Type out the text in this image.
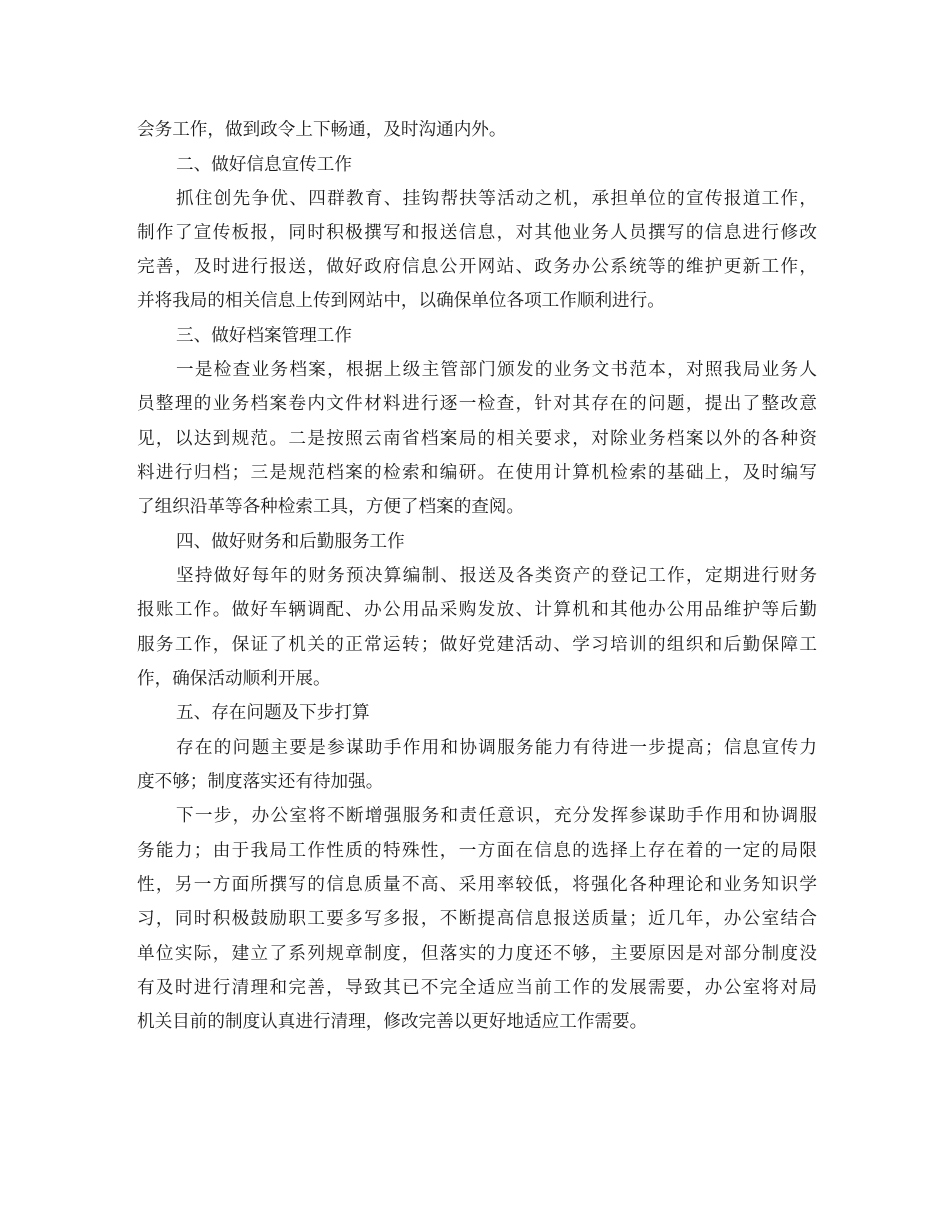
会务工作，做到政令上下畅通，及时沟通内外。
二、做好信息宣传工作
抓住创先争优、四群教育、挂钩帮扶等活动之机，承担单位的宣传报道工作，
制作了宣传板报，同时积极撰写和报送信息，对其他业务人员撰写的信息进行修改
完善，及时进行报送，做好政府信息公开网站、政务办公系统等的维护更新工作，
并将我局的相关信息上传到网站中，以确保单位各项工作顺利进行。
三、做好档案管理工作
一是检查业务档案，根据上级主管部门颁发的业务文书范本，对照我局业务人
员整理的业务档案卷内文件材料进行逐一检查，针对其存在的问题，提出了整改意
见，以达到规范。二是按照云南省档案局的相关要求，对除业务档案以外的各种资
料进行归档；三是规范档案的检索和编研。在使用计算机检索的基础上，及时编写
了组织沿革等各种检索工具，方便了档案的查阅。
四、做好财务和后勤服务工作
坚持做好每年的财务预决算编制、报送及各类资产的登记工作，定期进行财务
报账工作。做好车辆调配、办公用品采购发放、计算机和其他办公用品维护等后勤
服务工作，保证了机关的正常运转；做好党建活动、学习培训的组织和后勤保障工
作，确保活动顺利开展。
五、存在问题及下步打算
存在的问题主要是参谋助手作用和协调服务能力有待进一步提高；信息宣传力
度不够；制度落实还有待加强。
下一步，办公室将不断增强服务和责任意识，充分发挥参谋助手作用和协调服
务能力；由于我局工作性质的特殊性，一方面在信息的选择上存在着的一定的局限
性，另一方面所撰写的信息质量不高、采用率较低，将强化各种理论和业务知识学
习，同时积极鼓励职工要多写多报，不断提高信息报送质量；近几年，办公室结合
单位实际，建立了系列规章制度，但落实的力度还不够，主要原因是对部分制度没
有及时进行清理和完善，导致其已不完全适应当前工作的发展需要，办公室将对局
机关目前的制度认真进行清理，修改完善以更好地适应工作需要。
